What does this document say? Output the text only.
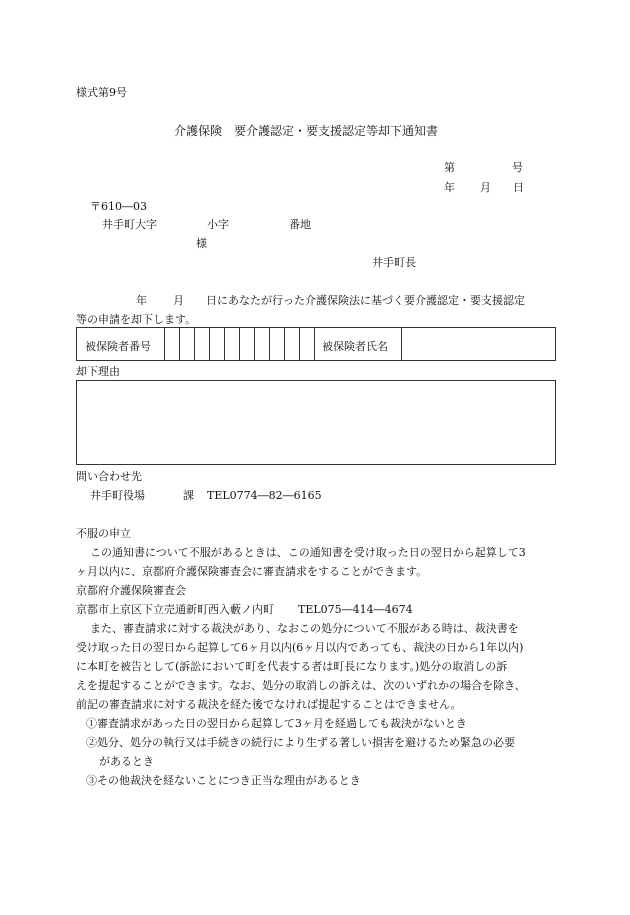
様式第9号
介護保険　要介護認定・要支援認定等却下通知書
第	号
年 月 日
〒610―03
井手町大字	小字	番地
様
井手町長
年 月 日にあなたが行った介護保険法に基づく要介護認定・要支援認定
等の申請を却下します。
被保険者番号	被保険者氏名
却下理由
問い合わせ先
井手町役場	課 TEL0774―82―6165
不服の申立
この通知書について不服があるときは、この通知書を受け取った日の翌日から起算して3
ヶ月以内に、京都府介護保険審査会に審査請求をすることができます。
京都府介護保険審査会
京都市上京区下立売通新町西入藪ノ内町 TEL075―414―4674
また、審査請求に対する裁決があり、なおこの処分について不服がある時は、裁決書を
受け取った日の翌日から起算して6ヶ月以内(6ヶ月以内であっても、裁決の日から1年以内)
に本町を被告として(訴訟において町を代表する者は町長になります。)処分の取消しの訴
えを提起することができます。なお、処分の取消しの訴えは、次のいずれかの場合を除き、
前記の審査請求に対する裁決を経た後でなければ提起することはできません。
①審査請求があった日の翌日から起算して3ヶ月を経過しても裁決がないとき
②処分、処分の執行又は手続きの続行により生ずる著しい損害を避けるため緊急の必要
があるとき
③その他裁決を経ないことにつき正当な理由があるとき
